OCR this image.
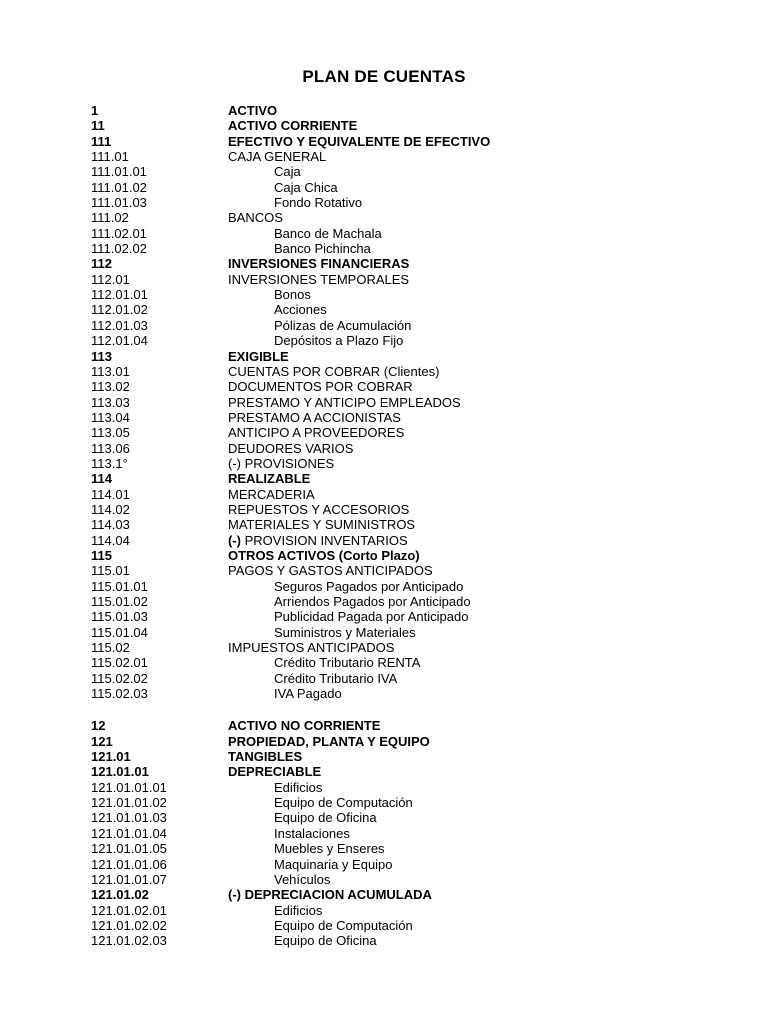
PLAN DE CUENTAS
1	ACTIVO
11	ACTIVO CORRIENTE
111	EFECTIVO Y EQUIVALENTE DE EFECTIVO
111.01	CAJA GENERAL
111.01.01	Caja
111.01.02	Caja Chica
111.01.03	Fondo Rotativo
111.02	BANCOS
111.02.01	Banco de Machala
111.02.02	Banco Pichincha
112	INVERSIONES FINANCIERAS
112.01	INVERSIONES TEMPORALES
112.01.01	Bonos
112.01.02	Acciones
112.01.03	Pólizas de Acumulación
112.01.04	Depósitos a Plazo Fijo
113	EXIGIBLE
113.01	CUENTAS POR COBRAR (Clientes)
113.02	DOCUMENTOS POR COBRAR
113.03	PRESTAMO Y ANTICIPO EMPLEADOS
113.04	PRESTAMO A ACCIONISTAS
113.05	ANTICIPO A PROVEEDORES
113.06	DEUDORES VARIOS
113.1°	(-) PROVISIONES
114	REALIZABLE
114.01	MERCADERIA
114.02	REPUESTOS Y ACCESORIOS
114.03	MATERIALES Y SUMINISTROS
114.04	(-) PROVISION INVENTARIOS
115	OTROS ACTIVOS (Corto Plazo)
115.01	PAGOS Y GASTOS ANTICIPADOS
115.01.01	Seguros Pagados por Anticipado
115.01.02	Arriendos Pagados por Anticipado
115.01.03	Publicidad Pagada por Anticipado
115.01.04	Suministros y Materiales
115.02	IMPUESTOS ANTICIPADOS
115.02.01	Crédito Tributario RENTA
115.02.02	Crédito Tributario IVA
115.02.03	IVA Pagado
12	ACTIVO NO CORRIENTE
121	PROPIEDAD, PLANTA Y EQUIPO
121.01	TANGIBLES
121.01.01	DEPRECIABLE
121.01.01.01	Edificios
121.01.01.02	Equipo de Computación
121.01.01.03	Equipo de Oficina
121.01.01.04	Instalaciones
121.01.01.05	Muebles y Enseres
121.01.01.06	Maquinaria y Equipo
121.01.01.07	Vehículos
121.01.02	(-) DEPRECIACION ACUMULADA
121.01.02.01	Edificios
121.01.02.02	Equipo de Computación
121.01.02.03	Equipo de Oficina
